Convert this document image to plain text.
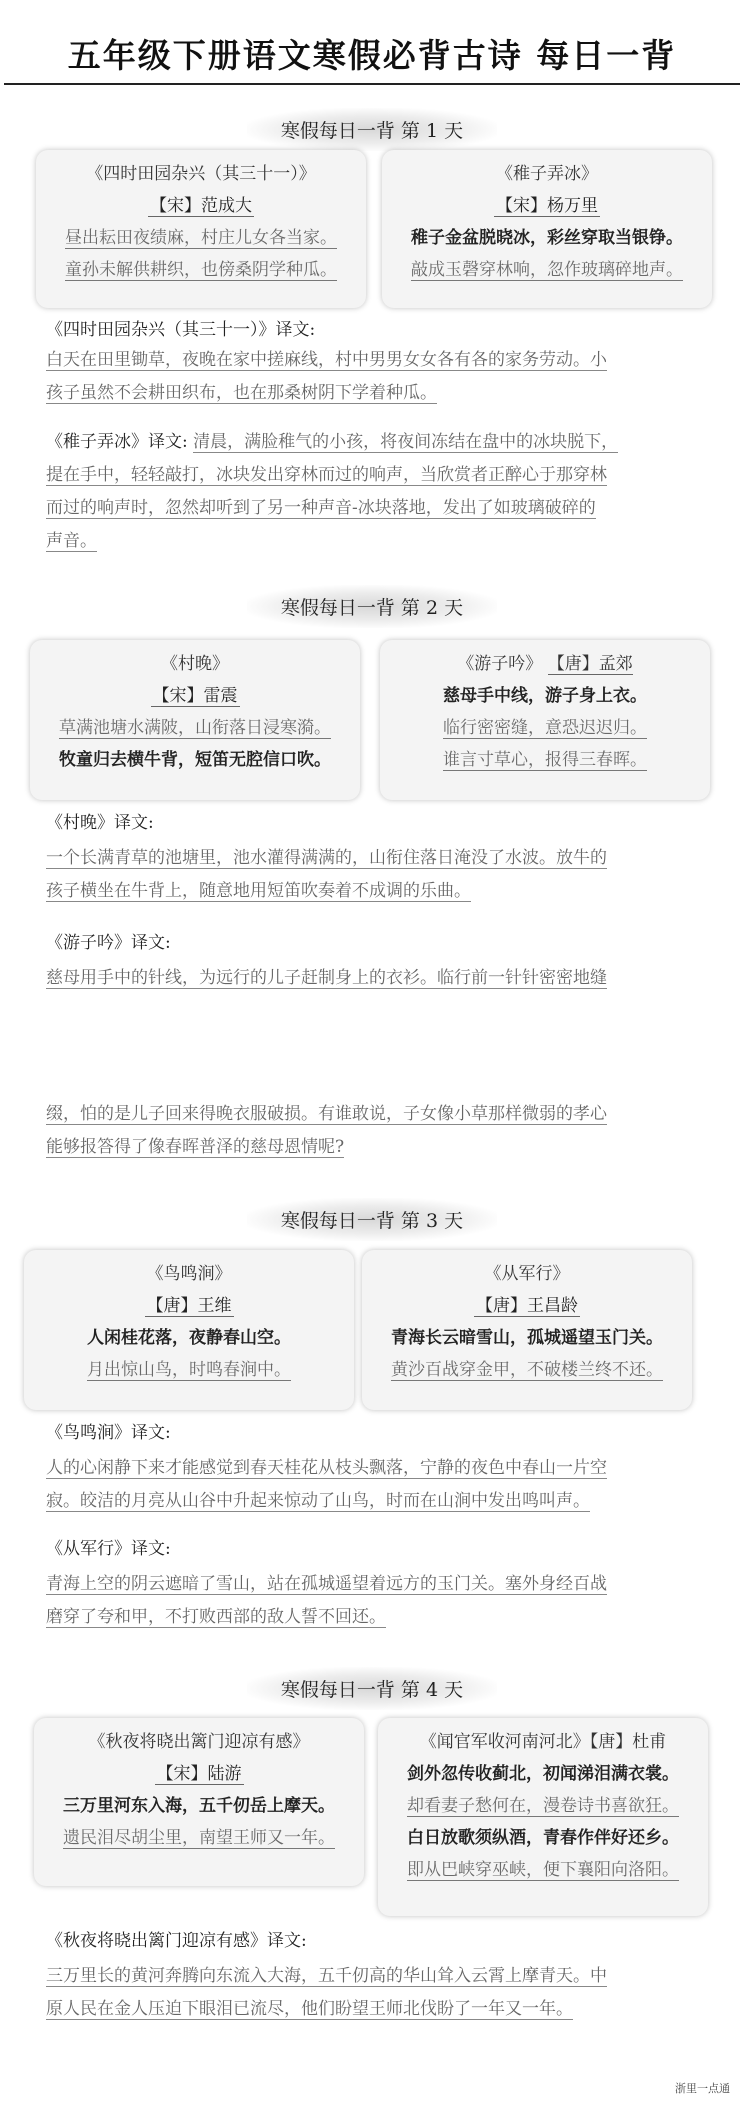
五年级下册语文寒假必背古诗 每日一背
寒假每日一背 第 1 天
《四时田园杂兴（其三十一）》
【宋】范成大
昼出耘田夜绩麻，村庄儿女各当家。
童孙未解供耕织，也傍桑阴学种瓜。
《稚子弄冰》
【宋】杨万里
稚子金盆脱晓冰，彩丝穿取当银铮。
敲成玉磬穿林响，忽作玻璃碎地声。
《四时田园杂兴（其三十一）》译文:
白天在田里锄草，夜晚在家中搓麻线，村中男男女女各有各的家务劳动。小
孩子虽然不会耕田织布，也在那桑树阴下学着种瓜。
《稚子弄冰》译文: 清晨，满脸稚气的小孩，将夜间冻结在盘中的冰块脱下，
提在手中，轻轻敲打，冰块发出穿林而过的响声，当欣赏者正醉心于那穿林
而过的响声时，忽然却听到了另一种声音-冰块落地，发出了如玻璃破碎的
声音。
寒假每日一背 第 2 天
《村晚》
【宋】雷震
草满池塘水满陂，山衔落日浸寒漪。
牧童归去横牛背，短笛无腔信口吹。
《游子吟》 【唐】孟郊
慈母手中线，游子身上衣。
临行密密缝，意恐迟迟归。
谁言寸草心，报得三春晖。
《村晚》译文:
一个长满青草的池塘里，池水灌得满满的，山衔住落日淹没了水波。放牛的
孩子横坐在牛背上，随意地用短笛吹奏着不成调的乐曲。
《游子吟》译文:
慈母用手中的针线，为远行的儿子赶制身上的衣衫。临行前一针针密密地缝
缀，怕的是儿子回来得晚衣服破损。有谁敢说，子女像小草那样微弱的孝心
能够报答得了像春晖普泽的慈母恩情呢?
寒假每日一背 第 3 天
《鸟鸣涧》
【唐】王维
人闲桂花落，夜静春山空。
月出惊山鸟，时鸣春涧中。
《从军行》
【唐】王昌龄
青海长云暗雪山，孤城遥望玉门关。
黄沙百战穿金甲，不破楼兰终不还。
《鸟鸣涧》译文:
人的心闲静下来才能感觉到春天桂花从枝头飘落，宁静的夜色中春山一片空
寂。皎洁的月亮从山谷中升起来惊动了山鸟，时而在山涧中发出鸣叫声。
《从军行》译文:
青海上空的阴云遮暗了雪山，站在孤城遥望着远方的玉门关。塞外身经百战
磨穿了夸和甲，不打败西部的敌人誓不回还。
寒假每日一背 第 4 天
《秋夜将晓出篱门迎凉有感》
【宋】陆游
三万里河东入海，五千仞岳上摩天。
遗民泪尽胡尘里，南望王师又一年。
《闻官军收河南河北》【唐】杜甫
剑外忽传收蓟北，初闻涕泪满衣裳。
却看妻子愁何在，漫卷诗书喜欲狂。
白日放歌须纵酒，青春作伴好还乡。
即从巴峡穿巫峡，便下襄阳向洛阳。
《秋夜将晓出篱门迎凉有感》译文:
三万里长的黄河奔腾向东流入大海，五千仞高的华山耸入云霄上摩青天。中
原人民在金人压迫下眼泪已流尽，他们盼望王师北伐盼了一年又一年。
浙里一点通
